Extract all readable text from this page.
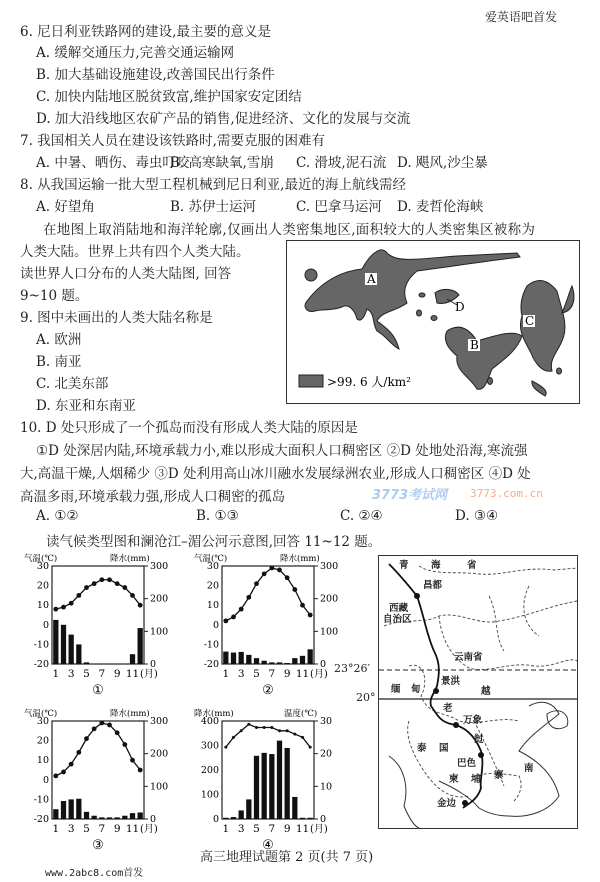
爱英语吧首发
6. 尼日利亚铁路网的建设,最主要的意义是
A. 缓解交通压力,完善交通运输网
B. 加大基础设施建设,改善国民出行条件
C. 加快内陆地区脱贫致富,维护国家安定团结
D. 加大沿线地区农矿产品的销售,促进经济、文化的发展与交流
7. 我国相关人员在建设该铁路时,需要克服的困难有
A. 中暑、晒伤、毒虫叮咬
B. 高寒缺氧,雪崩 C. 滑坡,泥石流 D. 飓风,沙尘暴
8. 从我国运输一批大型工程机械到尼日利亚,最近的海上航线需经
A. 好望角	B. 苏伊士运河	C. 巴拿马运河 D. 麦哲伦海峡
在地图上取消陆地和海洋轮廓,仅画出人类密集地区,面积较大的人类密集区被称为
人类大陆。世界上共有四个人类大陆。
读世界人口分布的人类大陆图, 回答
9~10 题。
9. 图中未画出的人类大陆名称是
A. 欧洲
B. 南亚
C. 北美东部
D. 东亚和东南亚
A
B
C
D
>99. 6 人/km²
10. D 处只形成了一个孤岛而没有形成人类大陆的原因是
①D 处深居内陆,环境承载力小,难以形成大面积人口稠密区 ②D 处地处沿海,寒流强
大,高温干燥,人烟稀少 ③D 处利用高山冰川融水发展绿洲农业,形成人口稠密区 ④D 处
高温多雨,环境承载力强,形成人口稠密的孤岛
A. ①②	B. ①③	C. ②④	D. ③④
3773考试网 3773.com.cn
读气候类型图和澜沧江–湄公河示意图,回答 11~12 题。
气温(℃)	降水(mm)
30
20
10
0
-10
-20
300
200
100
0
1 3 5 7 9 11 (月)
①
气温(℃)	降水(mm)
30
20
10
0
-10
-20
300
200
100
0
1 3 5 7 9 11 (月)
②
气温(℃)	降水(mm)
30
20
10
0
-10
-20
300
200
100
0
1 3 5 7 9 11 (月)
③
降水(mm)	温度(℃)
400
300
200
100
0
30
20
10
0
1 3 5 7 9 11 (月)
④
青 海	省
昌都
西藏
自治区
云南省
缅 甸
景洪
越
老
万象
挝
泰 国
巴色
柬 埔 寨
南
金边
23°26′
20°
高三地理试题第 2 页(共 7 页)
www.2abc8.com首发
